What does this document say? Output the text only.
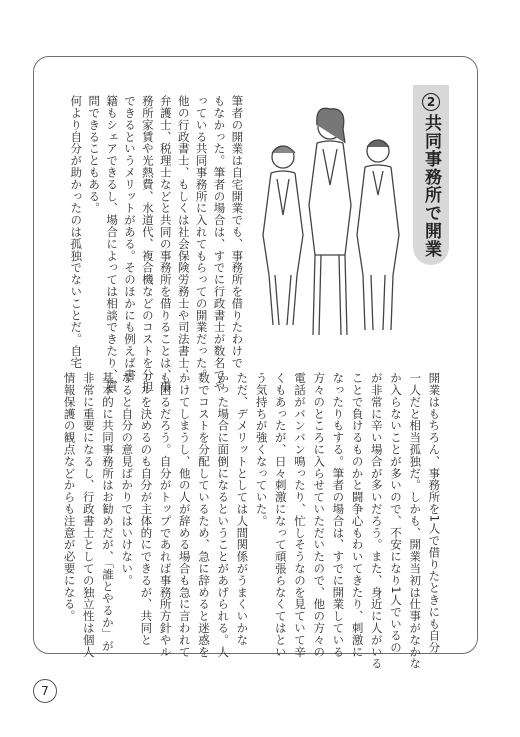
2共同事務所で開業
筆者の開業は自宅開業でも、事務所を借りたわけで
もなかった。筆者の場合は、すでに行政書士が数名でや
っている共同事務所に入れてもらっての開業だった。
他の行政書士、もしくは社会保険労務士や司法書士、
弁護士、税理士などと共同の事務所を借りることは、事
務所家賃や光熱費、水道代、複合機などのコストを分担
できるというメリットがある。そのほかにも例えば書
籍もシェアできるし、場合によっては相談できたり、質
問できることもある。
何より自分が助かったのは孤独でないことだ。自宅
開業はもちろん、事務所を1人で借りたときにも自分
一人だと相当孤独だ。しかも、開業当初は仕事がなかな
か入らないことが多いので、不安になり1人でいるの
が非常に辛い場合が多いだろう。また、身近に人がいる
ことで負けるものかと闘争心もわいてきたり、刺激に
なったりもする。筆者の場合は、すでに開業している
方々のところに入らせていただいたので、他の方々の
電話がバンバン鳴ったり、忙しそうなのを見ていて辛
くもあったが、日々刺激になって頑張らなくてはとい
う気持ちが強くなっていた。
ただ、デメリットとしては人間関係がうまくいかな
かった場合に面倒になるということがあげられる。人
数でコストを分配しているため、急に辞めると迷惑を
かけてしまうし、他の人が辞める場合も急に言われて
も困るだろう。自分がトップであれば事務所方針やル
ールを決めるのも自分が主体的にできるが、共同と
なると自分の意見ばかりではいけない。
基本的に共同事務所はお勧めだが、「誰とやるか」が
非常に重要になるし、行政書士としての独立性は個人
情報保護の観点などからも注意が必要になる。
7
